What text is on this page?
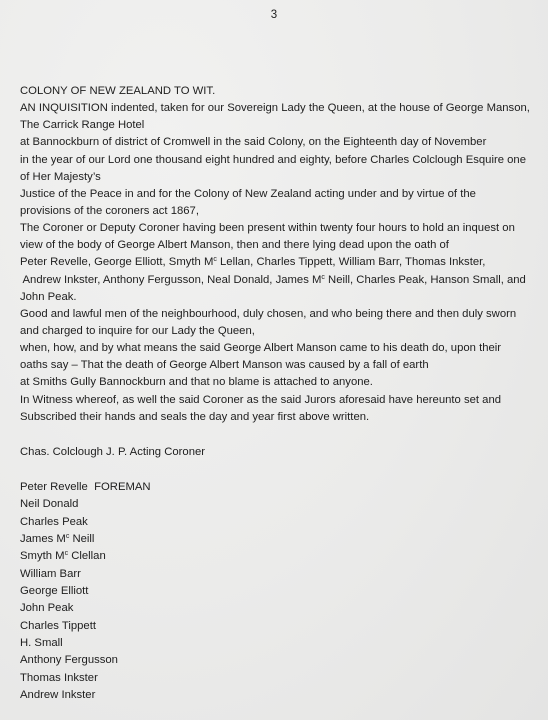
3
COLONY OF NEW ZEALAND TO WIT.
AN INQUISITION indented, taken for our Sovereign Lady the Queen, at the house of George Manson,
The Carrick Range Hotel
at Bannockburn of district of Cromwell in the said Colony, on the Eighteenth day of November
in the year of our Lord one thousand eight hundred and eighty, before Charles Colclough Esquire one
of Her Majesty’s
Justice of the Peace in and for the Colony of New Zealand acting under and by virtue of the
provisions of the coroners act 1867,
The Coroner or Deputy Coroner having been present within twenty four hours to hold an inquest on
view of the body of George Albert Manson, then and there lying dead upon the oath of
Peter Revelle, George Elliott, Smyth $M^c$ Lellan, Charles Tippett, William Barr, Thomas Inkster,
Andrew Inkster, Anthony Fergusson, Neal Donald, James $M^c$ Neill, Charles Peak, Hanson Small, and
John Peak.
Good and lawful men of the neighbourhood, duly chosen, and who being there and then duly sworn
and charged to inquire for our Lady the Queen,
when, how, and by what means the said George Albert Manson came to his death do, upon their
oaths say – That the death of George Albert Manson was caused by a fall of earth
at Smiths Gully Bannockburn and that no blame is attached to anyone.
In Witness whereof, as well the said Coroner as the said Jurors aforesaid have hereunto set and
Subscribed their hands and seals the day and year first above written.
Chas. Colclough J. P. Acting Coroner
Peter Revelle  FOREMAN
Neil Donald
Charles Peak
James $M^c$ Neill
Smyth $M^c$ Clellan
William Barr
George Elliott
John Peak
Charles Tippett
H. Small
Anthony Fergusson
Thomas Inkster
Andrew Inkster
